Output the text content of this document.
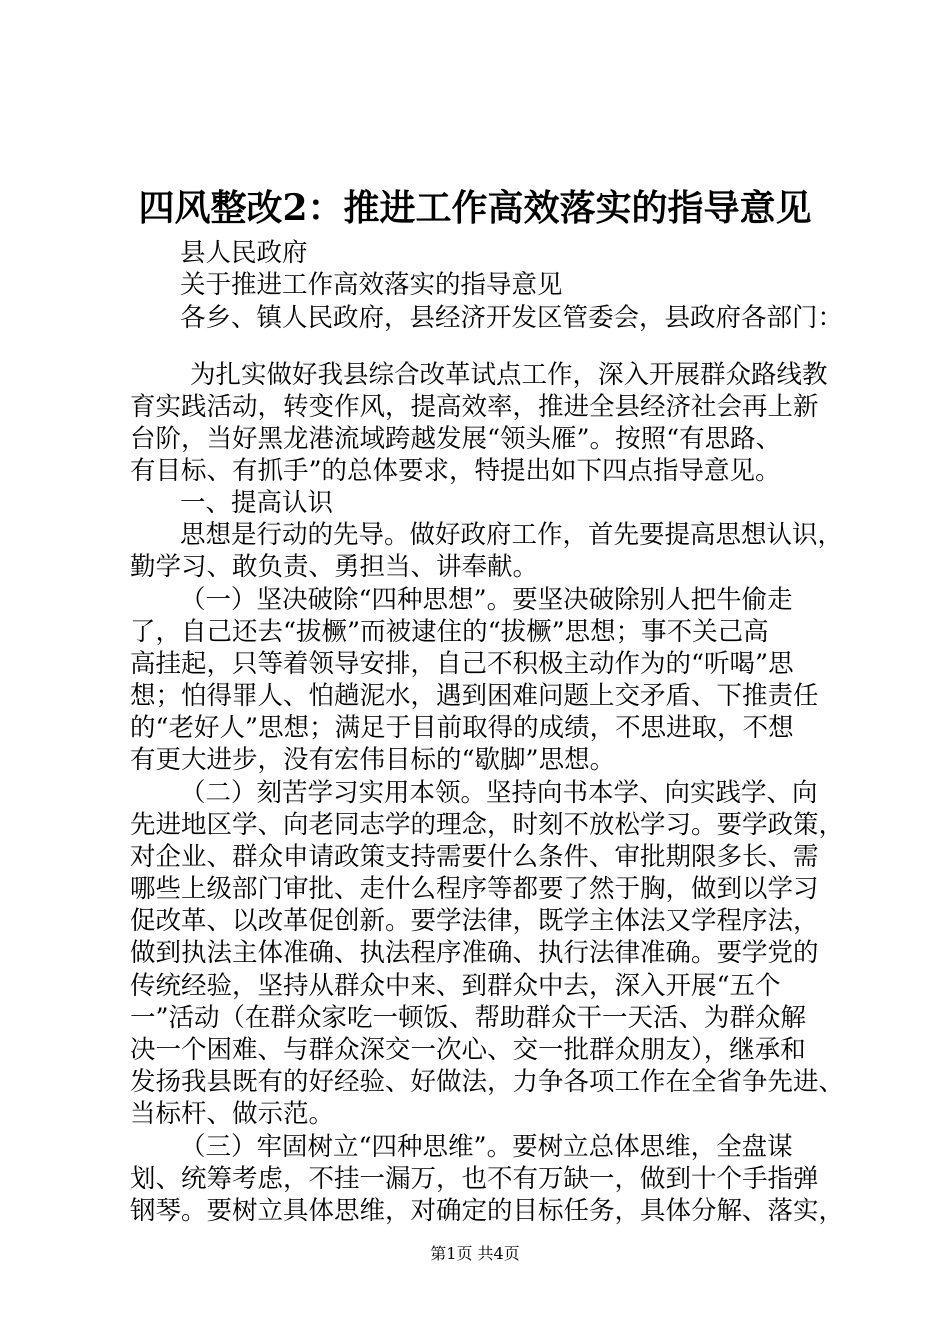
四风整改2：推进工作高效落实的指导意见
县人民政府
关于推进工作高效落实的指导意见
各乡、镇人民政府，县经济开发区管委会，县政府各部门：
为扎实做好我县综合改革试点工作，深入开展群众路线教
育实践活动，转变作风，提高效率，推进全县经济社会再上新
台阶，当好黑龙港流域跨越发展“领头雁”。按照“有思路、
有目标、有抓手”的总体要求，特提出如下四点指导意见。
一、提高认识
思想是行动的先导。做好政府工作，首先要提高思想认识，
勤学习、敢负责、勇担当、讲奉献。
（一）坚决破除“四种思想”。要坚决破除别人把牛偷走
了，自己还去“拔橛”而被逮住的“拔橛”思想；事不关己高
高挂起，只等着领导安排，自己不积极主动作为的“听喝”思
想；怕得罪人、怕趟泥水，遇到困难问题上交矛盾、下推责任
的“老好人”思想；满足于目前取得的成绩，不思进取，不想
有更大进步，没有宏伟目标的“歇脚”思想。
（二）刻苦学习实用本领。坚持向书本学、向实践学、向
先进地区学、向老同志学的理念，时刻不放松学习。要学政策，
对企业、群众申请政策支持需要什么条件、审批期限多长、需
哪些上级部门审批、走什么程序等都要了然于胸，做到以学习
促改革、以改革促创新。要学法律，既学主体法又学程序法，
做到执法主体准确、执法程序准确、执行法律准确。要学党的
传统经验，坚持从群众中来、到群众中去，深入开展“五个
一”活动（在群众家吃一顿饭、帮助群众干一天活、为群众解
决一个困难、与群众深交一次心、交一批群众朋友），继承和
发扬我县既有的好经验、好做法，力争各项工作在全省争先进、
当标杆、做示范。
（三）牢固树立“四种思维”。要树立总体思维，全盘谋
划、统筹考虑，不挂一漏万，也不有万缺一，做到十个手指弹
钢琴。要树立具体思维，对确定的目标任务，具体分解、落实，
第1页 共4页
